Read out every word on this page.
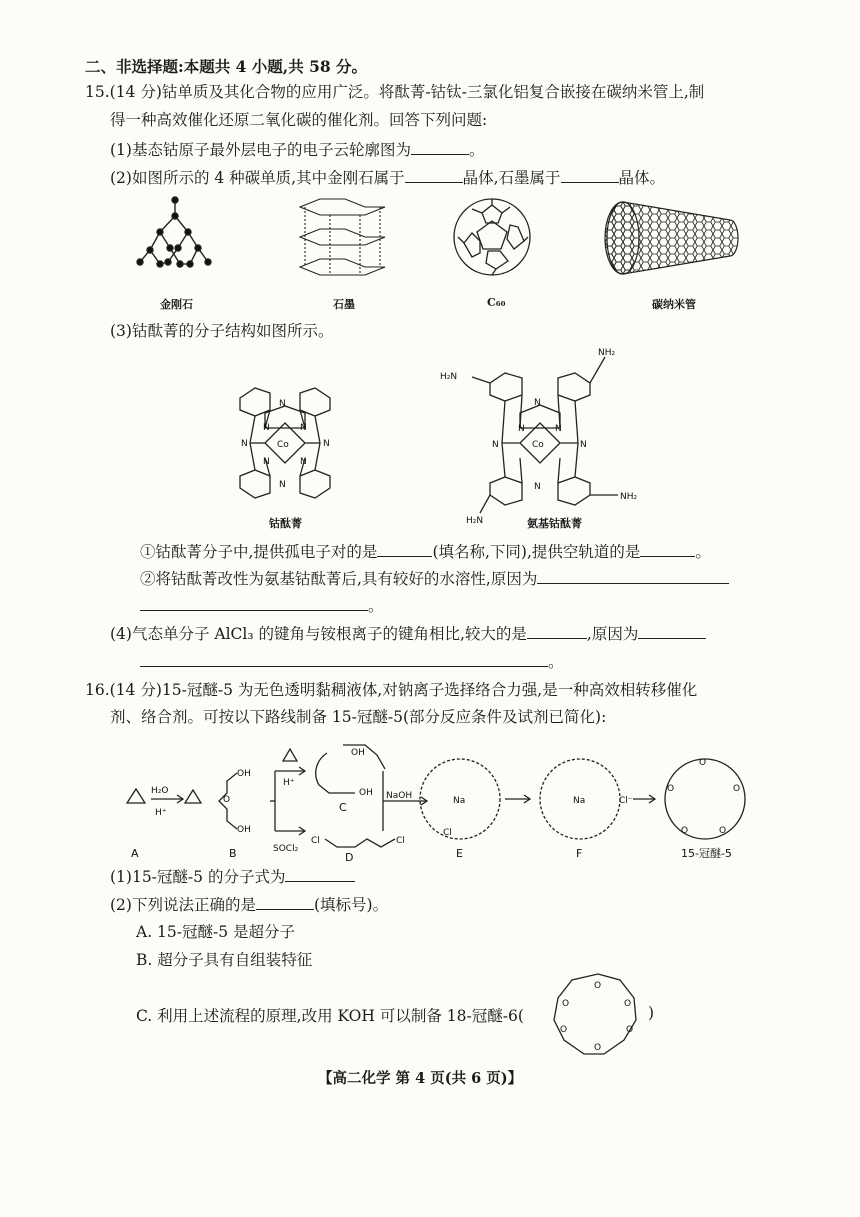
二、非选择题:本题共 4 小题,共 58 分。
15.(14 分)钴单质及其化合物的应用广泛。将酞菁-钴钛-三氯化铝复合嵌接在碳纳米管上,制
得一种高效催化还原二氧化碳的催化剂。回答下列问题:
(1)基态钴原子最外层电子的电子云轮廓图为	。
(2)如图所示的 4 种碳单质,其中金刚石属于	晶体,石墨属于	晶体。
金刚石	石墨	C₆₀	碳纳米管
(3)钴酞菁的分子结构如图所示。
N
N
N	N
N	N
N	N
Co
钴酞菁
H₂N
NH₂
NH₂
H₂N
N
N
N	N
N	N
Co
氨基钴酞菁
①钴酞菁分子中,提供孤电子对的是	(填名称,下同),提供空轨道的是	。
②将钴酞菁改性为氨基钴酞菁后,具有较好的水溶性,原因为
。
(4)气态单分子 AlCl₃ 的键角与铵根离子的键角相比,较大的是	,原因为
。
16.(14 分)15-冠醚-5 为无色透明黏稠液体,对钠离子选择络合力强,是一种高效相转移催化
剂、络合剂。可按以下路线制备 15-冠醚-5(部分反应条件及试剂已简化):
H₂O
H⁺
OH
OH
O
H⁺
SOCl₂
OH
OH
Cl	Cl
NaOH	Na
Cl
Na	Cl⁻
O
O	O
O	O
A	B
C
D	E	F	15-冠醚-5
(1)15-冠醚-5 的分子式为
(2)下列说法正确的是	(填标号)。
A. 15-冠醚-5 是超分子
B. 超分子具有自组装特征
C. 利用上述流程的原理,改用 KOH 可以制备 18-冠醚-6(
O
O
O
O
O
O	)
【高二化学 第 4 页(共 6 页)】
